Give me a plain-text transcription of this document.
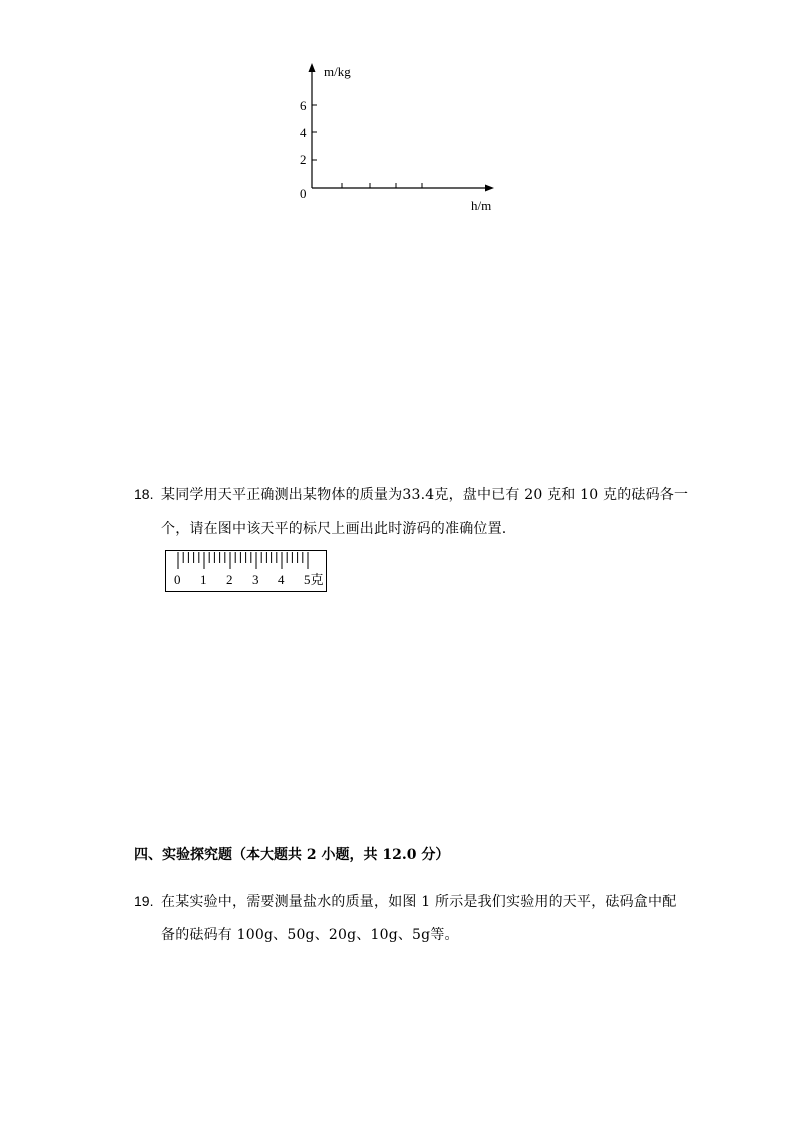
m/kg
6
4
2
0
h/m
18. 某同学用天平正确测出某物体的质量为33.4克，盘中已有 20 克和 10 克的砝码各一
个，请在图中该天平的标尺上画出此时游码的准确位置.
0 1 2 3 4 5克
四、实验探究题（本大题共 2 小题，共 12.0 分）
19. 在某实验中，需要测量盐水的质量，如图 1 所示是我们实验用的天平，砝码盒中配
备的砝码有 100g、50g、20g、10g、5g等。
